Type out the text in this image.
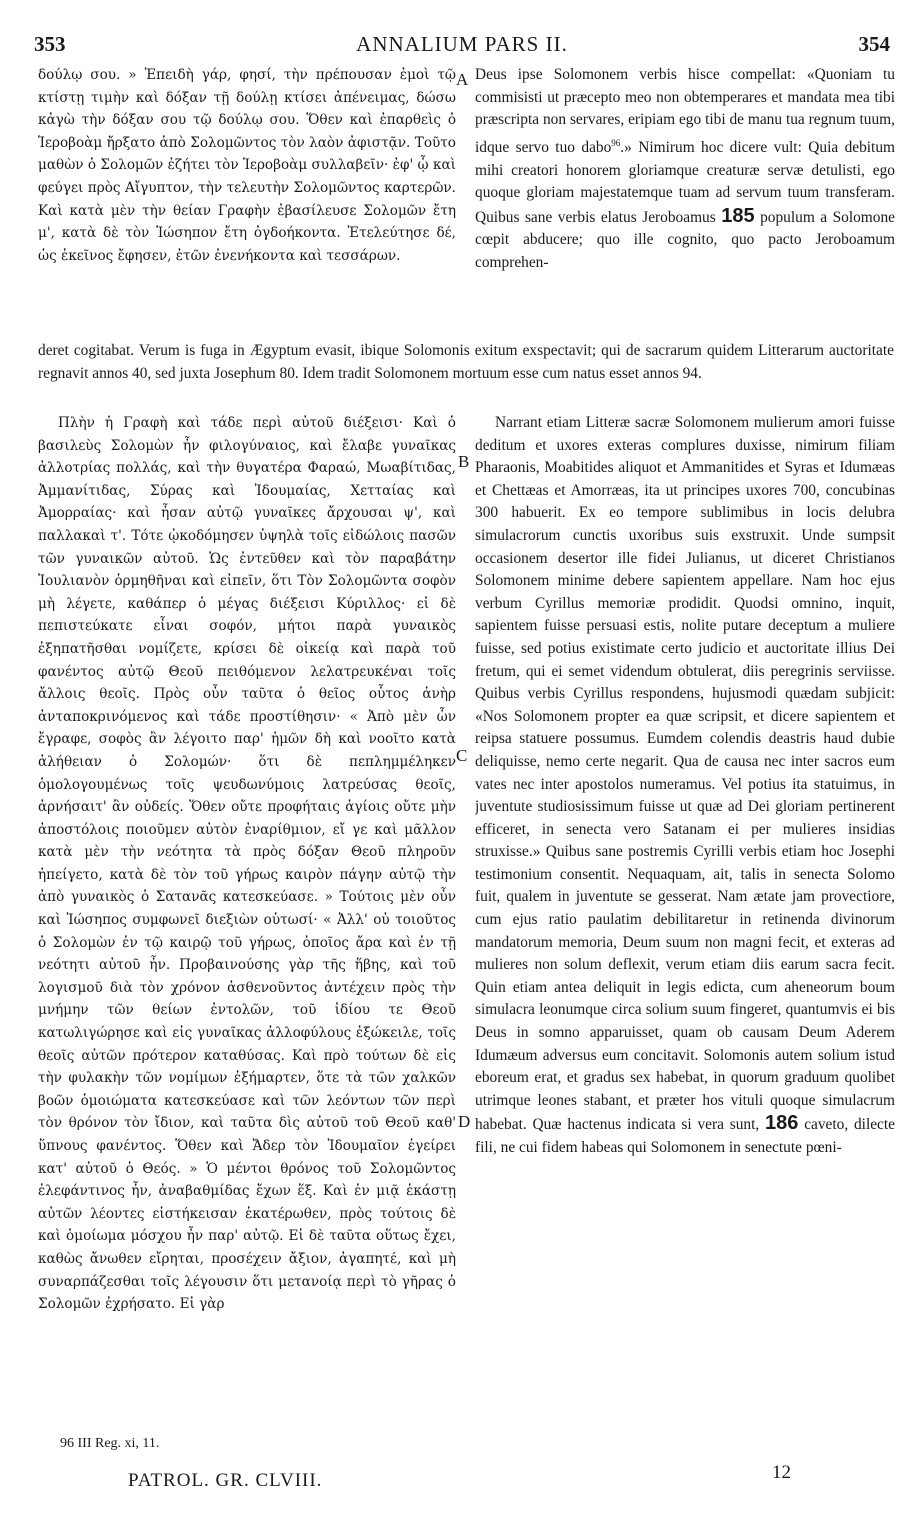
353	ANNALIUM PARS II.	354

δούλῳ σου. » Ἐπειδὴ γάρ, φησί, τὴν πρέπουσαν ἐμοὶ τῷ κτίστῃ τιμὴν καὶ δόξαν τῇ δούλῃ κτίσει ἀπένειμας, δώσω κἀγὼ τὴν δόξαν σου τῷ δούλῳ σου. Ὅθεν καὶ ἐπαρθεὶς ὁ Ἱεροβοὰμ ἤρξατο ἀπὸ Σολομῶντος τὸν λαὸν ἀφιστᾷν. Τοῦτο μαθὼν ὁ Σολομῶν ἐζήτει τὸν Ἱεροβοὰμ συλλαβεῖν· ἐφ' ᾧ καὶ φεύγει πρὸς Αἴγυπτον, τὴν τελευτὴν Σολομῶντος καρτερῶν. Καὶ κατὰ μὲν τὴν θείαν Γραφὴν ἐβασίλευσε Σολομῶν ἔτη μ', κατὰ δὲ τὸν Ἰώσηπον ἔτη ὀγδοήκοντα. Ἐτελεύτησε δέ, ὡς ἐκεῖνος ἔφησεν, ἐτῶν ἐνενήκοντα καὶ τεσσάρων.

A Deus ipse Solomonem verbis hisce compellat: «Quoniam tu commisisti ut præcepto meo non obtemperares et mandata mea tibi præscripta non servares, eripiam ego tibi de manu tua regnum tuum, idque servo tuo dabo$^{96}$.» Nimirum hoc dicere vult: Quia debitum mihi creatori honorem gloriamque creaturæ servæ detulisti, ego quoque gloriam majestatemque tuam ad servum tuum transferam. Quibus sane verbis elatus Jeroboamus 185 populum a Solomone cœpit abducere; quo ille cognito, quo pacto Jeroboamum comprehen-

deret cogitabat. Verum is fuga in Ægyptum evasit, ibique Solomonis exitum exspectavit; qui de sacrarum quidem Litterarum auctoritate regnavit annos 40, sed juxta Josephum 80. Idem tradit Solomonem mortuum esse cum natus esset annos 94.

Πλὴν ἡ Γραφὴ καὶ τάδε περὶ αὐτοῦ διέξεισι· Καὶ ὁ βασιλεὺς Σολομὼν ἦν φιλογύναιος, καὶ ἔλαβε γυναῖκας ἀλλοτρίας πολλάς, καὶ τὴν θυγατέρα Φαραώ, Μωαβίτιδας, Ἀμμανίτιδας, Σύρας καὶ Ἰδουμαίας, Χετταίας καὶ Ἀμορραίας· καὶ ἦσαν αὐτῷ γυναῖκες ἄρχουσαι ψ', καὶ παλλακαὶ τ'. Τότε ᾠκοδόμησεν ὑψηλὰ τοῖς εἰδώλοις πασῶν τῶν γυναικῶν αὐτοῦ. Ὡς ἐντεῦθεν καὶ τὸν παραβάτην Ἰουλιανὸν ὁρμηθῆναι καὶ εἰπεῖν, ὅτι Τὸν Σολομῶντα σοφὸν μὴ λέγετε, καθάπερ ὁ μέγας διέξεισι Κύριλλος· εἰ δὲ πεπιστεύκατε εἶναι σοφόν, μήτοι παρὰ γυναικὸς ἐξηπατῆσθαι νομίζετε, κρίσει δὲ οἰκείᾳ καὶ παρὰ τοῦ φανέντος αὐτῷ Θεοῦ πειθόμενον λελατρευκέναι τοῖς ἄλλοις θεοῖς. Πρὸς οὖν ταῦτα ὁ θεῖος οὗτος ἀνὴρ ἀνταποκρινόμενος καὶ τάδε προστίθησιν· « Ἀπὸ μὲν ὧν ἔγραφε, σοφὸς ἂν λέγοιτο παρ' ἡμῶν δὴ καὶ νοοῖτο κατὰ ἀλήθειαν ὁ Σολομών· ὅτι δὲ πεπλημμέληκεν ὁμολογουμένως τοῖς ψευδωνύμοις λατρεύσας θεοῖς, ἀρνήσαιτ' ἂν οὐδείς. Ὅθεν οὔτε προφήταις ἁγίοις οὔτε μὴν ἀποστόλοις ποιοῦμεν αὐτὸν ἐναρίθμιον, εἴ γε καὶ μᾶλλον κατὰ μὲν τὴν νεότητα τὰ πρὸς δόξαν Θεοῦ πληροῦν ἠπείγετο, κατὰ δὲ τὸν τοῦ γήρως καιρὸν πάγην αὐτῷ τὴν ἀπὸ γυναικὸς ὁ Σατανᾶς κατεσκεύασε. » Τούτοις μὲν οὖν καὶ Ἰώσηπος συμφωνεῖ διεξιὼν οὑτωσί· « Ἀλλ' οὐ τοιοῦτος ὁ Σολομὼν ἐν τῷ καιρῷ τοῦ γήρως, ὁποῖος ἄρα καὶ ἐν τῇ νεότητι αὐτοῦ ἦν. Προβαινούσης γὰρ τῆς ἥβης, καὶ τοῦ λογισμοῦ διὰ τὸν χρόνον ἀσθενοῦντος ἀντέχειν πρὸς τὴν μνήμην τῶν θείων ἐντολῶν, τοῦ ἰδίου τε Θεοῦ κατωλιγώρησε καὶ εἰς γυναῖκας ἀλλοφύλους ἐξώκειλε, τοῖς θεοῖς αὐτῶν πρότερον καταθύσας. Καὶ πρὸ τούτων δὲ εἰς τὴν φυλακὴν τῶν νομίμων ἐξήμαρτεν, ὅτε τὰ τῶν χαλκῶν βοῶν ὁμοιώματα κατεσκεύασε καὶ τῶν λεόντων τῶν περὶ τὸν θρόνον τὸν ἴδιον, καὶ ταῦτα δὶς αὐτοῦ τοῦ Θεοῦ καθ' ὕπνους φανέντος. Ὅθεν καὶ Ἄδερ τὸν Ἰδουμαῖον ἐγείρει κατ' αὐτοῦ ὁ Θεός. » Ὁ μέντοι θρόνος τοῦ Σολομῶντος ἐλεφάντινος ἦν, ἀναβαθμίδας ἔχων ἕξ. Καὶ ἐν μιᾷ ἑκάστῃ αὐτῶν λέοντες εἱστήκεισαν ἑκατέρωθεν, πρὸς τούτοις δὲ καὶ ὁμοίωμα μόσχου ἦν παρ' αὐτῷ. Εἰ δὲ ταῦτα οὕτως ἔχει, καθὼς ἄνωθεν εἴρηται, προσέχειν ἄξιον, ἀγαπητέ, καὶ μὴ συναρπάζεσθαι τοῖς λέγουσιν ὅτι μετανοίᾳ περὶ τὸ γῆρας ὁ Σολομῶν ἐχρήσατο. Εἰ γὰρ

B
C
D

Narrant etiam Litteræ sacræ Solomonem mulierum amori fuisse deditum et uxores exteras complures duxisse, nimirum filiam Pharaonis, Moabitides aliquot et Ammanitides et Syras et Idumæas et Chettæas et Amorræas, ita ut principes uxores 700, concubinas 300 habuerit. Ex eo tempore sublimibus in locis delubra simulacrorum cunctis uxoribus suis exstruxit. Unde sumpsit occasionem desertor ille fidei Julianus, ut diceret Christianos Solomonem minime debere sapientem appellare. Nam hoc ejus verbum Cyrillus memoriæ prodidit. Quodsi omnino, inquit, sapientem fuisse persuasi estis, nolite putare deceptum a muliere fuisse, sed potius existimate certo judicio et auctoritate illius Dei fretum, qui ei semet videndum obtulerat, diis peregrinis serviisse. Quibus verbis Cyrillus respondens, hujusmodi quædam subjicit: «Nos Solomonem propter ea quæ scripsit, et dicere sapientem et reipsa statuere possumus. Eumdem colendis deastris haud dubie deliquisse, nemo certe negarit. Qua de causa nec inter sacros eum vates nec inter apostolos numeramus. Vel potius ita statuimus, in juventute studiosissimum fuisse ut quæ ad Dei gloriam pertinerent efficeret, in senecta vero Satanam ei per mulieres insidias struxisse.» Quibus sane postremis Cyrilli verbis etiam hoc Josephi testimonium consentit. Nequaquam, ait, talis in senecta Solomo fuit, qualem in juventute se gesserat. Nam ætate jam provectiore, cum ejus ratio paulatim debilitaretur in retinenda divinorum mandatorum memoria, Deum suum non magni fecit, et exteras ad mulieres non solum deflexit, verum etiam diis earum sacra fecit. Quin etiam antea deliquit in legis edicta, cum aheneorum boum simulacra leonumque circa solium suum fingeret, quantumvis ei bis Deus in somno apparuisset, quam ob causam Deum Aderem Idumæum adversus eum concitavit. Solomonis autem solium istud eboreum erat, et gradus sex habebat, in quorum graduum quolibet utrimque leones stabant, et præter hos vituli quoque simulacrum habebat. Quæ hactenus indicata si vera sunt, 186 caveto, dilecte fili, ne cui fidem habeas qui Solomonem in senectute pœni-

96 III Reg. xi, 11.
PATROL. GR. CLVIII.	12
